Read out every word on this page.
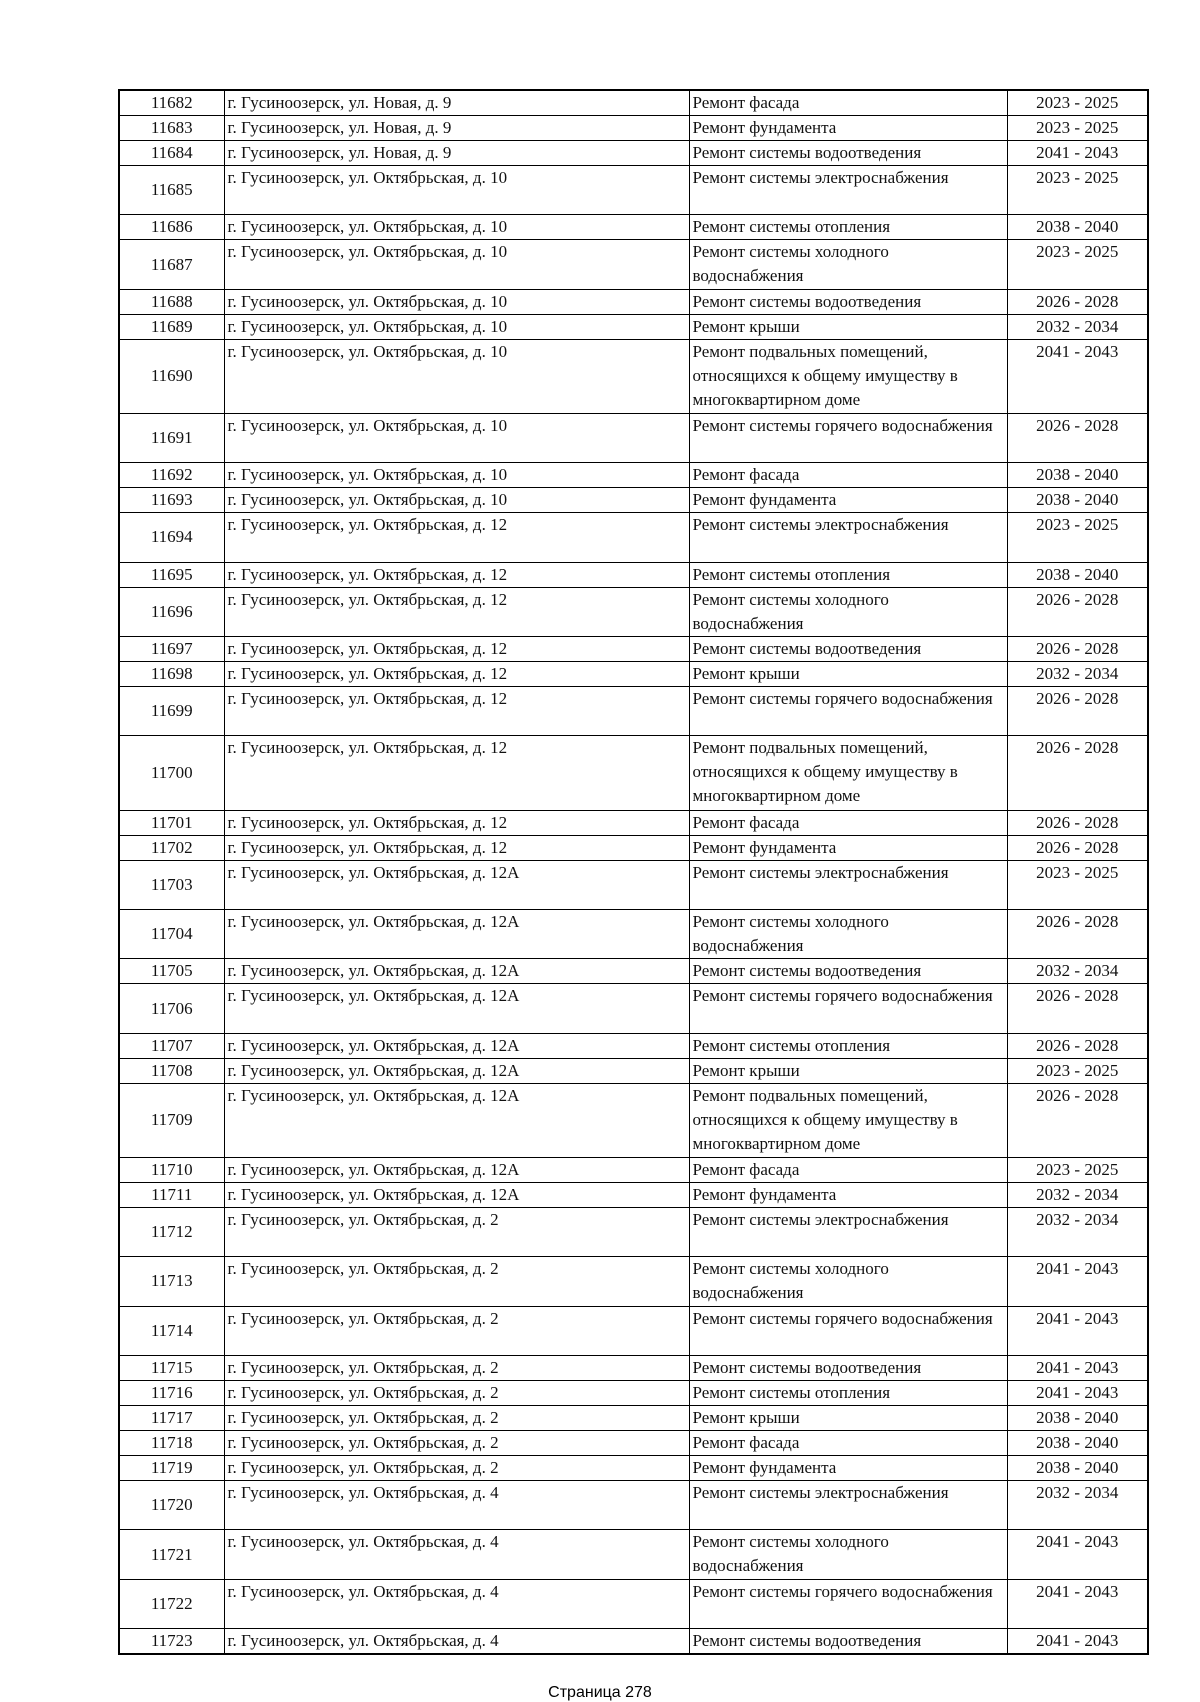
11682	г. Гусиноозерск, ул. Новая, д. 9	Ремонт фасада	2023 - 2025
11683	г. Гусиноозерск, ул. Новая, д. 9	Ремонт фундамента	2023 - 2025
11684	г. Гусиноозерск, ул. Новая, д. 9	Ремонт системы водоотведения	2041 - 2043
11685	г. Гусиноозерск, ул. Октябрьская, д. 10	Ремонт системы электроснабжения	2023 - 2025
11686	г. Гусиноозерск, ул. Октябрьская, д. 10	Ремонт системы отопления	2038 - 2040
11687	г. Гусиноозерск, ул. Октябрьская, д. 10	Ремонт системы холодного водоснабжения	2023 - 2025
11688	г. Гусиноозерск, ул. Октябрьская, д. 10	Ремонт системы водоотведения	2026 - 2028
11689	г. Гусиноозерск, ул. Октябрьская, д. 10	Ремонт крыши	2032 - 2034
11690	г. Гусиноозерск, ул. Октябрьская, д. 10	Ремонт подвальных помещений, относящихся к общему имуществу в многоквартирном доме	2041 - 2043
11691	г. Гусиноозерск, ул. Октябрьская, д. 10	Ремонт системы горячего водоснабжения	2026 - 2028
11692	г. Гусиноозерск, ул. Октябрьская, д. 10	Ремонт фасада	2038 - 2040
11693	г. Гусиноозерск, ул. Октябрьская, д. 10	Ремонт фундамента	2038 - 2040
11694	г. Гусиноозерск, ул. Октябрьская, д. 12	Ремонт системы электроснабжения	2023 - 2025
11695	г. Гусиноозерск, ул. Октябрьская, д. 12	Ремонт системы отопления	2038 - 2040
11696	г. Гусиноозерск, ул. Октябрьская, д. 12	Ремонт системы холодного водоснабжения	2026 - 2028
11697	г. Гусиноозерск, ул. Октябрьская, д. 12	Ремонт системы водоотведения	2026 - 2028
11698	г. Гусиноозерск, ул. Октябрьская, д. 12	Ремонт крыши	2032 - 2034
11699	г. Гусиноозерск, ул. Октябрьская, д. 12	Ремонт системы горячего водоснабжения	2026 - 2028
11700	г. Гусиноозерск, ул. Октябрьская, д. 12	Ремонт подвальных помещений, относящихся к общему имуществу в многоквартирном доме	2026 - 2028
11701	г. Гусиноозерск, ул. Октябрьская, д. 12	Ремонт фасада	2026 - 2028
11702	г. Гусиноозерск, ул. Октябрьская, д. 12	Ремонт фундамента	2026 - 2028
11703	г. Гусиноозерск, ул. Октябрьская, д. 12А	Ремонт системы электроснабжения	2023 - 2025
11704	г. Гусиноозерск, ул. Октябрьская, д. 12А	Ремонт системы холодного водоснабжения	2026 - 2028
11705	г. Гусиноозерск, ул. Октябрьская, д. 12А	Ремонт системы водоотведения	2032 - 2034
11706	г. Гусиноозерск, ул. Октябрьская, д. 12А	Ремонт системы горячего водоснабжения	2026 - 2028
11707	г. Гусиноозерск, ул. Октябрьская, д. 12А	Ремонт системы отопления	2026 - 2028
11708	г. Гусиноозерск, ул. Октябрьская, д. 12А	Ремонт крыши	2023 - 2025
11709	г. Гусиноозерск, ул. Октябрьская, д. 12А	Ремонт подвальных помещений, относящихся к общему имуществу в многоквартирном доме	2026 - 2028
11710	г. Гусиноозерск, ул. Октябрьская, д. 12А	Ремонт фасада	2023 - 2025
11711	г. Гусиноозерск, ул. Октябрьская, д. 12А	Ремонт фундамента	2032 - 2034
11712	г. Гусиноозерск, ул. Октябрьская, д. 2	Ремонт системы электроснабжения	2032 - 2034
11713	г. Гусиноозерск, ул. Октябрьская, д. 2	Ремонт системы холодного водоснабжения	2041 - 2043
11714	г. Гусиноозерск, ул. Октябрьская, д. 2	Ремонт системы горячего водоснабжения	2041 - 2043
11715	г. Гусиноозерск, ул. Октябрьская, д. 2	Ремонт системы водоотведения	2041 - 2043
11716	г. Гусиноозерск, ул. Октябрьская, д. 2	Ремонт системы отопления	2041 - 2043
11717	г. Гусиноозерск, ул. Октябрьская, д. 2	Ремонт крыши	2038 - 2040
11718	г. Гусиноозерск, ул. Октябрьская, д. 2	Ремонт фасада	2038 - 2040
11719	г. Гусиноозерск, ул. Октябрьская, д. 2	Ремонт фундамента	2038 - 2040
11720	г. Гусиноозерск, ул. Октябрьская, д. 4	Ремонт системы электроснабжения	2032 - 2034
11721	г. Гусиноозерск, ул. Октябрьская, д. 4	Ремонт системы холодного водоснабжения	2041 - 2043
11722	г. Гусиноозерск, ул. Октябрьская, д. 4	Ремонт системы горячего водоснабжения	2041 - 2043
11723	г. Гусиноозерск, ул. Октябрьская, д. 4	Ремонт системы водоотведения	2041 - 2043
Страница 278
